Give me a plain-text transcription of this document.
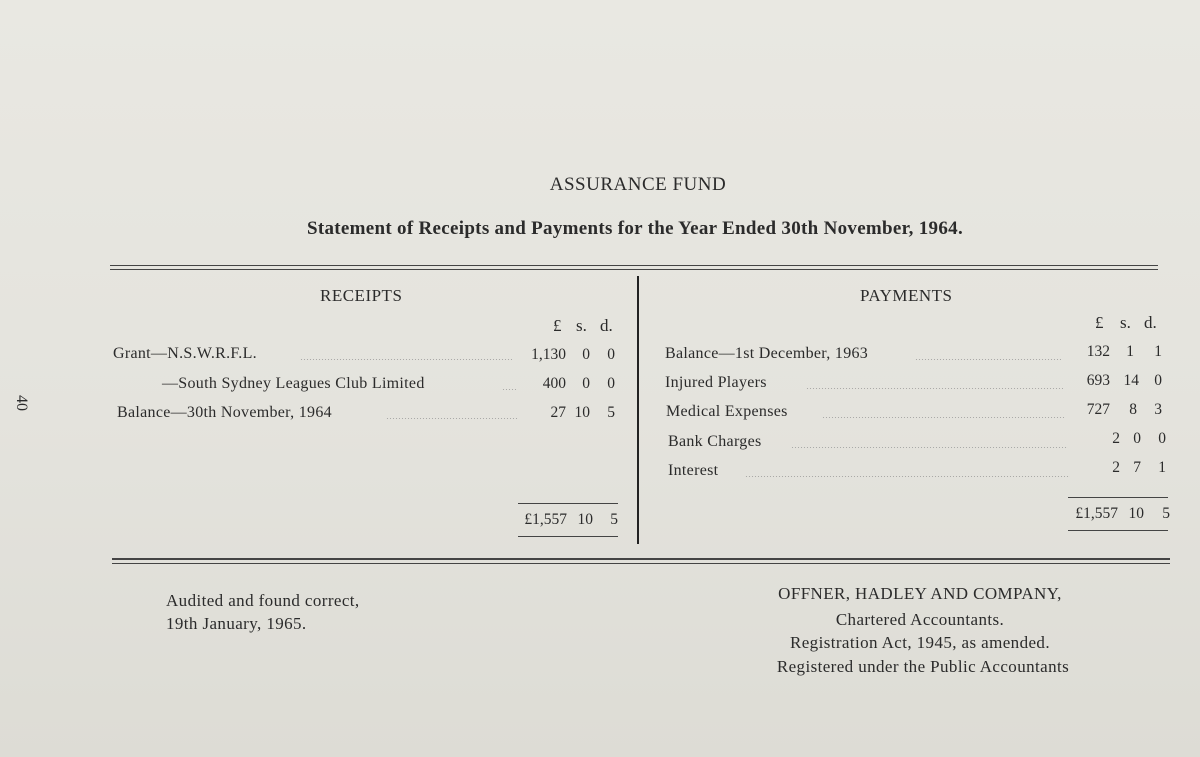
40
ASSURANCE FUND
Statement of Receipts and Payments for the Year Ended 30th November, 1964.
RECEIPTS
£ s. d.
Grant—N.S.W.R.F.L.	1,130 0 0
—South Sydney Leagues Club Limited	400 0 0
Balance—30th November, 1964	27 10 5
£1,557 10 5
PAYMENTS
£ s. d.
Balance—1st December, 1963	132 1 1
Injured Players	693 14 0
Medical Expenses	727 8 3
Bank Charges	2 0 0
Interest	2 7 1
£1,557 10 5
Audited and found correct,
19th January, 1965.
OFFNER, HADLEY AND COMPANY,
Chartered Accountants.
Registration Act, 1945, as amended.
Registered under the Public Accountants
